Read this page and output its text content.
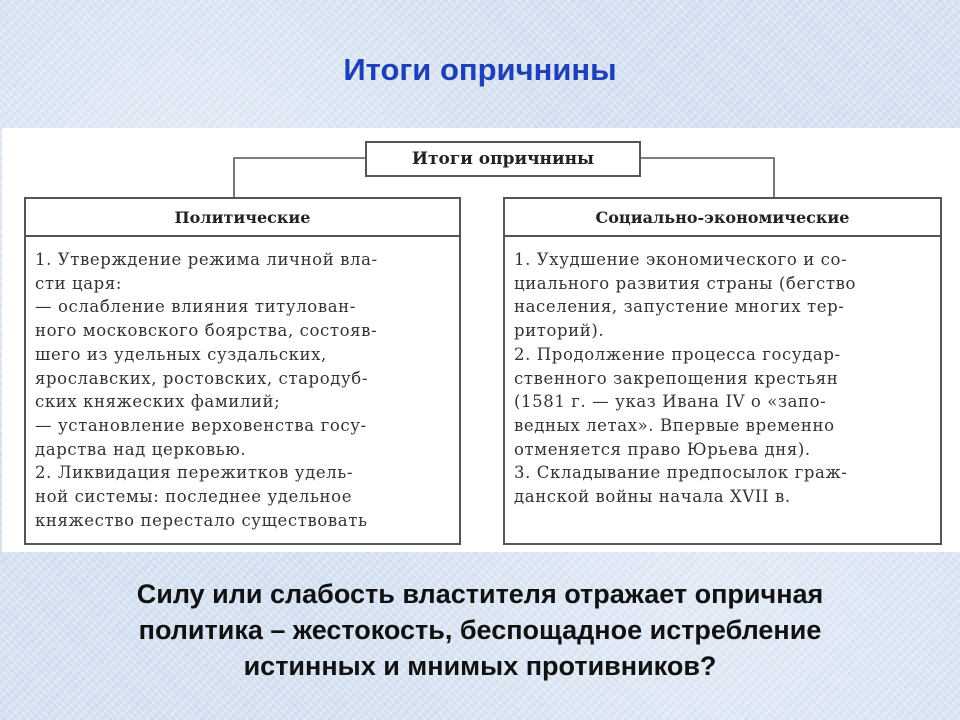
Итоги опричнины
Итоги опричнины
Политические

1. Утверждение режима личной вла-

сти царя:

— ослабление влияния титулован-

ного московского боярства, состояв-

шего из удельных суздальских,

ярославских, ростовских, стародуб-

ских княжеских фамилий;

— установление верховенства госу-

дарства над церковью.

2. Ликвидация пережитков удель-

ной системы: последнее удельное

княжество перестало существовать

Социально-экономические

1. Ухудшение экономического и со-

циального развития страны (бегство

населения, запустение многих тер-

риторий).

2. Продолжение процесса государ-

ственного закрепощения крестьян

(1581 г. — указ Ивана IV о «запо-

ведных летах». Впервые временно

отменяется право Юрьева дня).

3. Складывание предпосылок граж-

данской войны начала XVII в.

Силу или слабость властителя отражает опричная
политика – жестокость, беспощадное истребление
истинных и мнимых противников?
